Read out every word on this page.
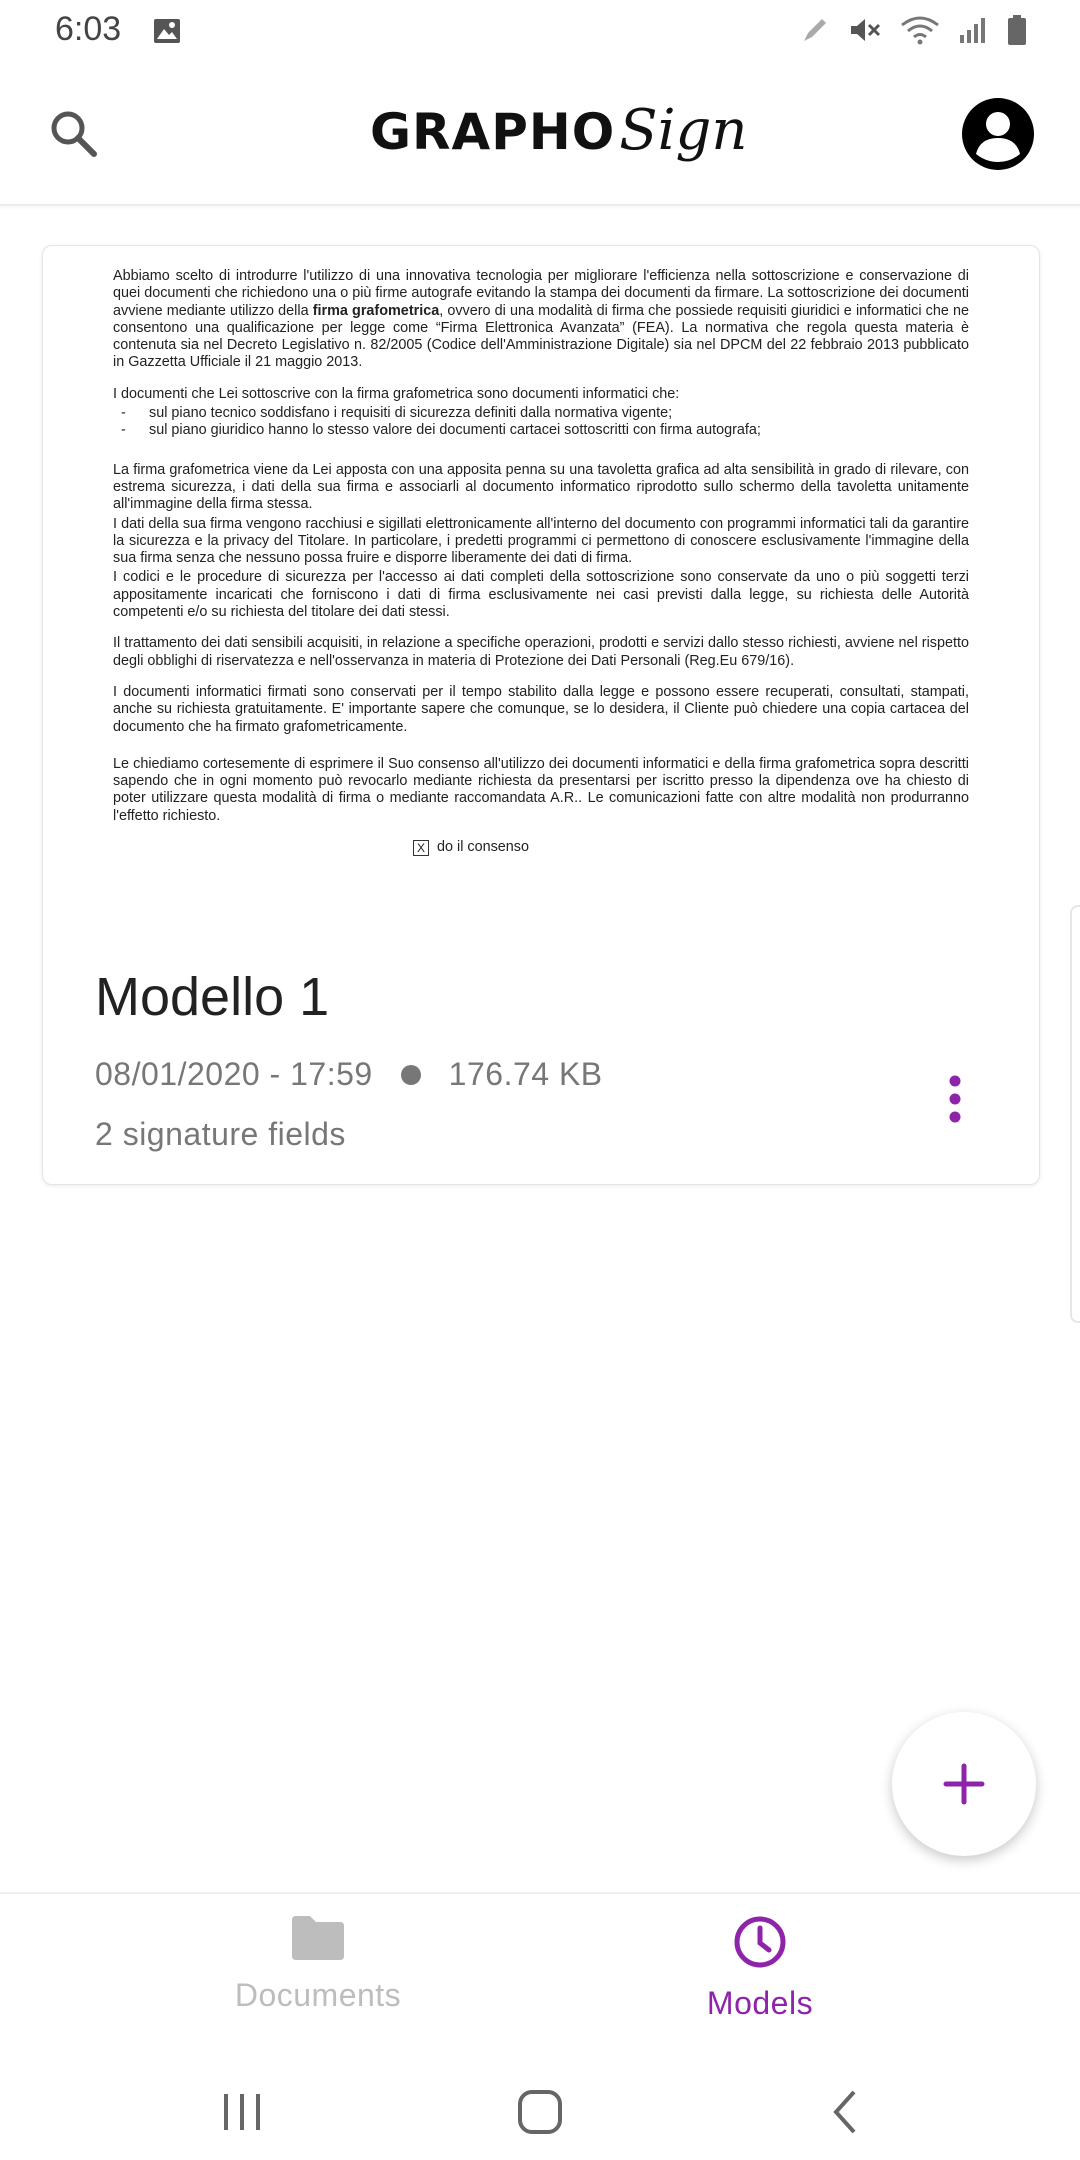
6:03
GRAPHO Sign

Abbiamo scelto di introdurre l'utilizzo di una innovativa tecnologia per migliorare l'efficienza nella sottoscrizione e conservazione di quei documenti che richiedono una o più firme autografe evitando la stampa dei documenti da firmare. La sottoscrizione dei documenti avviene mediante utilizzo della firma grafometrica, ovvero di una modalità di firma che possiede requisiti giuridici e informatici che ne consentono una qualificazione per legge come “Firma Elettronica Avanzata” (FEA). La normativa che regola questa materia è contenuta sia nel Decreto Legislativo n. 82/2005 (Codice dell'Amministrazione Digitale) sia nel DPCM del 22 febbraio 2013 pubblicato in Gazzetta Ufficiale il 21 maggio 2013.

I documenti che Lei sottoscrive con la firma grafometrica sono documenti informatici che:

- sul piano tecnico soddisfano i requisiti di sicurezza definiti dalla normativa vigente;
- sul piano giuridico hanno lo stesso valore dei documenti cartacei sottoscritti con firma autografa;

La firma grafometrica viene da Lei apposta con una apposita penna su una tavoletta grafica ad alta sensibilità in grado di rilevare, con estrema sicurezza, i dati della sua firma e associarli al documento informatico riprodotto sullo schermo della tavoletta unitamente all'immagine della firma stessa.

I dati della sua firma vengono racchiusi e sigillati elettronicamente all'interno del documento con programmi informatici tali da garantire la sicurezza e la privacy del Titolare. In particolare, i predetti programmi ci permettono di conoscere esclusivamente l'immagine della sua firma senza che nessuno possa fruire e disporre liberamente dei dati di firma.

I codici e le procedure di sicurezza per l'accesso ai dati completi della sottoscrizione sono conservate da uno o più soggetti terzi appositamente incaricati che forniscono i dati di firma esclusivamente nei casi previsti dalla legge, su richiesta delle Autorità competenti e/o su richiesta del titolare dei dati stessi.

Il trattamento dei dati sensibili acquisiti, in relazione a specifiche operazioni, prodotti e servizi dallo stesso richiesti, avviene nel rispetto degli obblighi di riservatezza e nell'osservanza in materia di Protezione dei Dati Personali (Reg.Eu 679/16).

I documenti informatici firmati sono conservati per il tempo stabilito dalla legge e possono essere recuperati, consultati, stampati, anche su richiesta gratuitamente. E' importante sapere che comunque, se lo desidera, il Cliente può chiedere una copia cartacea del documento che ha firmato grafometricamente.

Le chiediamo cortesemente di esprimere il Suo consenso all'utilizzo dei documenti informatici e della firma grafometrica sopra descritti sapendo che in ogni momento può revocarlo mediante richiesta da presentarsi per iscritto presso la dipendenza ove ha chiesto di poter utilizzare questa modalità di firma o mediante raccomandata A.R.. Le comunicazioni fatte con altre modalità non produrranno l'effetto richiesto.

X do il consenso
Modello 1
08/01/2020 - 17:59 176.74 KB
2 signature fields
Documents	Models
